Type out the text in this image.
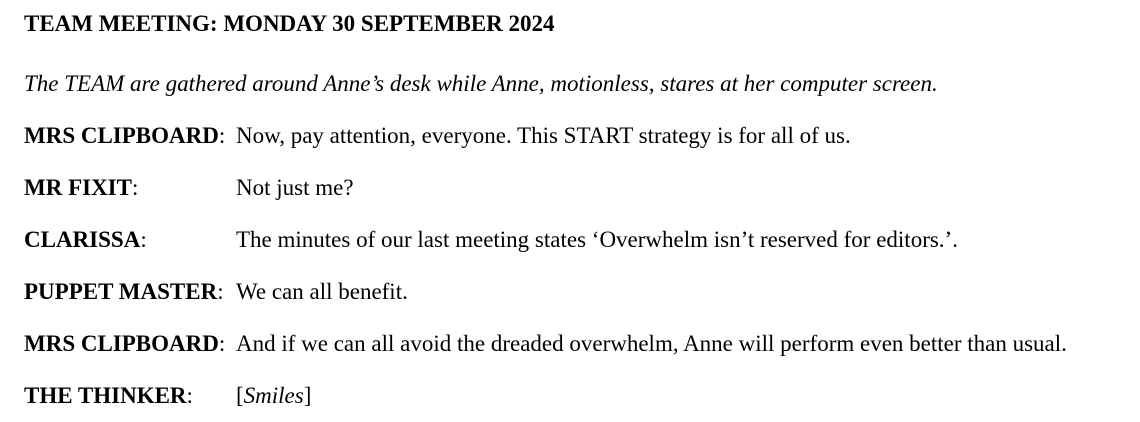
TEAM MEETING: MONDAY 30 SEPTEMBER 2024

The TEAM are gathered around Anne’s desk while Anne, motionless, stares at her computer screen.

MRS CLIPBOARD: Now, pay attention, everyone. This START strategy is for all of us.

MR FIXIT:	Not just me?

CLARISSA:	The minutes of our last meeting states ‘Overwhelm isn’t reserved for editors.’.

PUPPET MASTER: We can all benefit.

MRS CLIPBOARD: And if we can all avoid the dreaded overwhelm, Anne will perform even better than usual.

THE THINKER: [Smiles]
